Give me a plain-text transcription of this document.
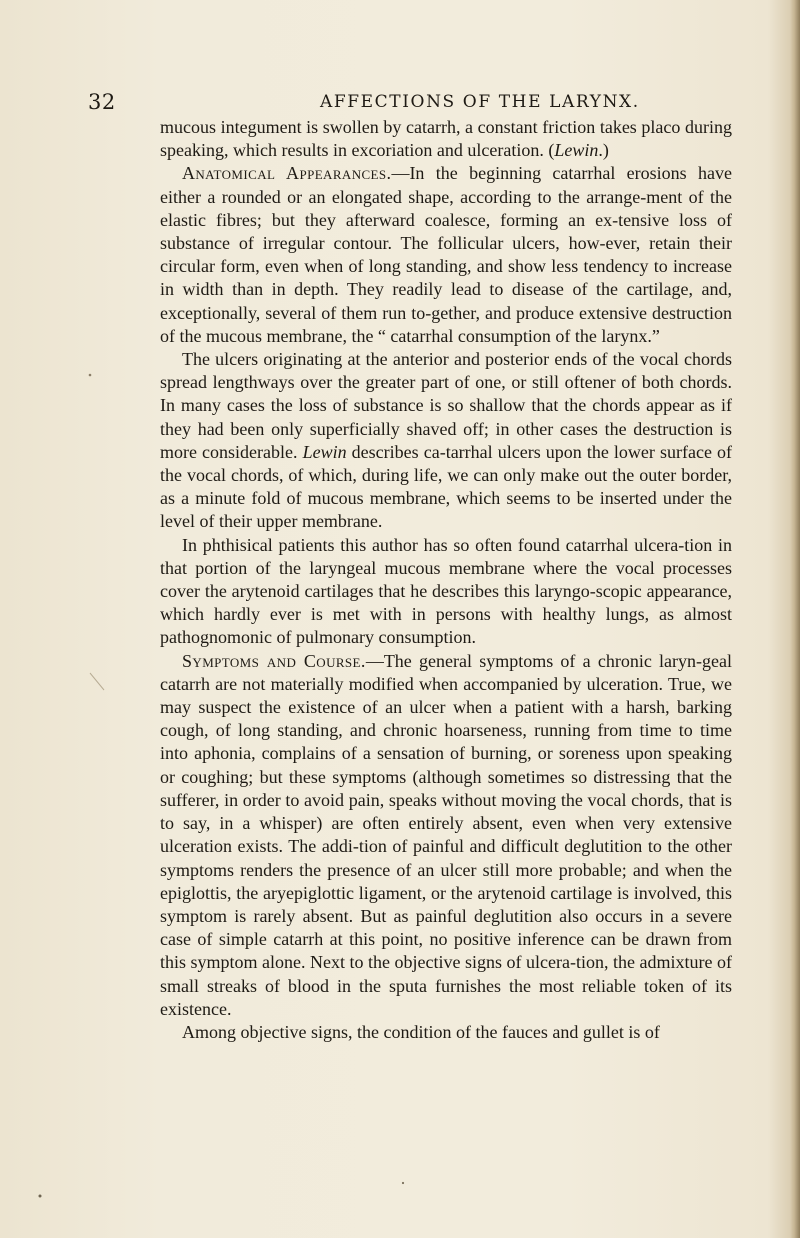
32	AFFECTIONS OF THE LARYNX.

mucous integument is swollen by catarrh, a constant friction takes placo during speaking, which results in excoriation and ulceration. (Lewin.)

Anatomical Appearances.—In the beginning catarrhal erosions have either a rounded or an elongated shape, according to the arrange-ment of the elastic fibres; but they afterward coalesce, forming an ex-tensive loss of substance of irregular contour. The follicular ulcers, how-ever, retain their circular form, even when of long standing, and show less tendency to increase in width than in depth. They readily lead to disease of the cartilage, and, exceptionally, several of them run to-gether, and produce extensive destruction of the mucous membrane, the “ catarrhal consumption of the larynx.”

The ulcers originating at the anterior and posterior ends of the vocal chords spread lengthways over the greater part of one, or still oftener of both chords. In many cases the loss of substance is so shallow that the chords appear as if they had been only superficially shaved off; in other cases the destruction is more considerable. Lewin describes ca-tarrhal ulcers upon the lower surface of the vocal chords, of which, during life, we can only make out the outer border, as a minute fold of mucous membrane, which seems to be inserted under the level of their upper membrane.

In phthisical patients this author has so often found catarrhal ulcera-tion in that portion of the laryngeal mucous membrane where the vocal processes cover the arytenoid cartilages that he describes this laryngo-scopic appearance, which hardly ever is met with in persons with healthy lungs, as almost pathognomonic of pulmonary consumption.

Symptoms and Course.—The general symptoms of a chronic laryn-geal catarrh are not materially modified when accompanied by ulceration. True, we may suspect the existence of an ulcer when a patient with a harsh, barking cough, of long standing, and chronic hoarseness, running from time to time into aphonia, complains of a sensation of burning, or soreness upon speaking or coughing; but these symptoms (although sometimes so distressing that the sufferer, in order to avoid pain, speaks without moving the vocal chords, that is to say, in a whisper) are often entirely absent, even when very extensive ulceration exists. The addi-tion of painful and difficult deglutition to the other symptoms renders the presence of an ulcer still more probable; and when the epiglottis, the aryepiglottic ligament, or the arytenoid cartilage is involved, this symptom is rarely absent. But as painful deglutition also occurs in a severe case of simple catarrh at this point, no positive inference can be drawn from this symptom alone. Next to the objective signs of ulcera-tion, the admixture of small streaks of blood in the sputa furnishes the most reliable token of its existence.

Among objective signs, the condition of the fauces and gullet is of
